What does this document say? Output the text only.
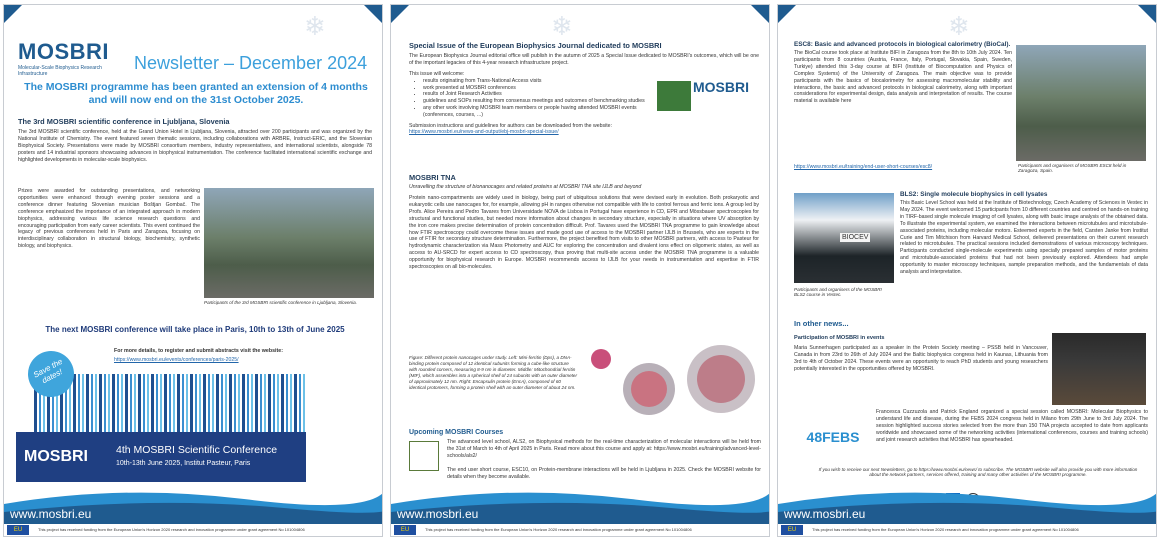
❄
MOSBRI
Molecular-Scale Biophysics Research Infrastructure
Newsletter – December 2024
The MOSBRI programme has been granted an extension of 4 months and will now end on the 31st October 2025.
The 3rd MOSBRI scientific conference in Ljubljana, Slovenia
The 3rd MOSBRI scientific conference, held at the Grand Union Hotel in Ljubljana, Slovenia, attracted over 200 participants and was organized by the National Institute of Chemistry. The event featured seven thematic sessions, including collaborations with ARBRE, Instruct-ERIC, and the Slovenian Biophysical Society. Presentations were made by MOSBRI consortium members, industry representatives, and international scientists, alongside 78 posters and 14 industrial sponsors showcasing advances in biophysical instrumentation. The conference facilitated international scientific exchange and highlighted developments in molecular-scale biophysics.
Prizes were awarded for outstanding presentations, and networking opportunities were enhanced through evening poster sessions and a conference dinner featuring Slovenian musician Boštjan Gombač. The conference emphasized the importance of an integrated approach in modern biophysics, addressing various life science research questions and encouraging participation from early career scientists. This event continued the legacy of previous conferences held in Paris and Zaragoza, focusing on interdisciplinary collaboration in structural biology, biochemistry, synthetic biology, and biophysics.
Participants of the 3rd MOSBRI scientific conference in Ljubljana, Slovenia.
The next MOSBRI conference will take place in Paris, 10th to 13th of June 2025
For more details, to register and submit abstracts visit the website:
https://www.mosbri.eu/events/conferences/paris-2025/
MOSBRI	4th MOSBRI Scientific Conference
10th-13th June 2025, Institut Pasteur, Paris
Save the dates!
www.mosbri.eu
MOSBRI
This project has received funding from the European Union's Horizon 2020 research and innovation programme under grant agreement No 101004806
EU
❄
Special Issue of the European Biophysics Journal dedicated to MOSBRI
The European Biophysics Journal editorial office will publish in the autumn of 2025 a Special Issue dedicated to MOSBRI's outcomes, which will be one of the important legacies of this 4-year research infrastructure project.
This issue will welcome:
• results originating from Trans-National Access visits
• work presented at MOSBRI conferences
• results of Joint Research Activities
• guidelines and SOPs resulting from consensus meetings and outcomes of benchmarking studies
• any other work involving MOSBRI team members or people having attended MOSBRI events (conferences, courses, ...)
Submission instructions and guidelines for authors can be downloaded from the website:
https://www.mosbri.eu/news-and-output/ebj-mosbri-special-issue/
MOSBRI
MOSBRI TNA
Unravelling the structure of bionanocages and related proteins at MOSBRI TNA site IJLB and beyond
Protein nano-compartments are widely used in biology, being part of ubiquitous solutions that were devised early in evolution. Both prokaryotic and eukaryotic cells use nanocages for, for example, allowing pH in ranges otherwise not compatible with life to control ferrous and ferric ions. A group led by Profs. Alice Pereira and Pedro Tavares from Universidade NOVA de Lisboa in Portugal have experience in CD, EPR and Mössbauer spectroscopies for structural and functional studies, but needed more information about changes in secondary structure, especially in situations where UV absorption by the iron core makes precise determination of protein concentration difficult. Prof. Tavares used the MOSBRI TNA programme to gain knowledge about how FTIR spectroscopy could overcome these issues and made good use of access to the MOSBRI partner IJLB in Brussels, who are experts in the use of FTIR for secondary structure determination. Furthermore, the project benefited from visits to other MOSBRI partners, with access to Pasteur for hydrodynamic characterization via Mass Photometry and AUC for exploring the concentration and divalent ions effect on oligomeric states, as well as access to AU-SRCD for expert access to CD spectroscopy, thus proving that multi-site access under the MOSBRI TNA programme is a valuable opportunity for biophysical research in Europe. MOSBRI recommends access to IJLB for your needs in instrumentation and expertise in FTIR spectroscopies on all bio-molecules.
Figure: Different protein nanocages under study. Left: Mini-ferritin (Dps), a DNA-binding protein composed of 12 identical subunits forming a cube-like structure with rounded corners, measuring 8-9 nm in diameter. Middle: Mitochondrial ferritin (MtF), which assembles into a spherical shell of 24 subunits with an outer diameter of approximately 12 nm. Right: Encapsulin protein (EncA), composed of 60 identical protomers, forming a protein shell with an outer diameter of about 24 nm.
Upcoming MOSBRI Courses
The advanced level school, ALS2, on Biophysical methods for the real-time characterization of molecular interactions will be held from the 31st of March to 4th of April 2025 in Paris. Read more about this course and apply at: https://www.mosbri.eu/training/advanced-level-schools/als2/
The end user short course, ESC10, on Protein-membrane interactions will be held in Ljubljana in 2025. Check the MOSBRI website for details when they become available.
www.mosbri.eu
MOSBRI
This project has received funding from the European Union's Horizon 2020 research and innovation programme under grant agreement No 101004806
EU
❄
ESC8: Basic and advanced protocols in biological calorimetry (BioCal).
The BioCal course took place at Institute BIFI in Zaragoza from the 8th to 10th July 2024. Ten participants from 8 countries (Austria, France, Italy, Portugal, Slovakia, Spain, Sweden, Turkiye) attended this 3-day course at BIFI (Institute of Biocomputation and Physics of Complex Systems) of the University of Zaragoza. The main objective was to provide participants with the basics of biocalorimetry for assessing macromolecular stability and interactions, the basic and advanced protocols in biological calorimetry, along with important considerations for experimental design, data analysis and interpretation of results. The course material is available here
https://www.mosbri.eu/training/end-user-short-courses/esc8/	Participants and organisers of MOSBRI ESC8 held in Zaragoza, Spain.
BIOCEV
Participants and organisers of the MOSBRI BLS2 course in Vestec.
BLS2: Single molecule biophysics in cell lysates
This Basic Level School was held at the Institute of Biotechnology, Czech Academy of Sciences in Vestec in May 2024. The event welcomed 15 participants from 10 different countries and centred on hands-on training in TIRF-based single molecule imaging of cell lysates, along with basic image analysis of the obtained data. To illustrate the experimental system, we examined the interactions between microtubules and microtubule-associated proteins, including molecular motors. Esteemed experts in the field, Carsten Janke from Institut Curie and Tim Mitchison from Harvard Medical School, delivered presentations on their current research related to microtubules. The practical sessions included demonstrations of various microscopy techniques. Participants conducted single-molecule experiments using specially prepared samples of motor proteins and microtubule-associated proteins that had not been previously explored. Attendees had ample opportunity to master microscopy techniques, sample preparation methods, and the fundamentals of data analysis and interpretation.
In other news...
Participation of MOSBRI in events
Maria Sunnerhagen participated as a speaker in the Protein Society meeting – PSSB held in Vancouver, Canada in from 23rd to 26th of July 2024 and the Baltic biophysics congress held in Kaunas, Lithuania from 3rd to 4th of October 2024. These events were an opportunity to reach PhD students and young researchers potentially interested in the opportunities offered by MOSBRI.
48FEBS
Francesca Cuzzuzola and Patrick England organized a special session called MOSBRI: Molecular Biophysics to understand life and disease, during the FEBS 2024 congress held in Milano from 29th June to 3rd July 2024. The session highlighted success stories selected from the more than 150 TNA projects accepted to date from applicants worldwide and showcased some of the networking activities (international conferences, courses and training schools) and joint research activities that MOSBRI has spearheaded.
If you wish to receive our next Newsletters, go to https://www.mosbri.eu/news/ to subscribe. The MOSBRI website will also provide you with more information about the network partners, services offered, training and many other activities of the MOSBRI programme.
www.mosbri.eu
MOSBRI
This project has received funding from the European Union's Horizon 2020 research and innovation programme under grant agreement No 101004806
EU
